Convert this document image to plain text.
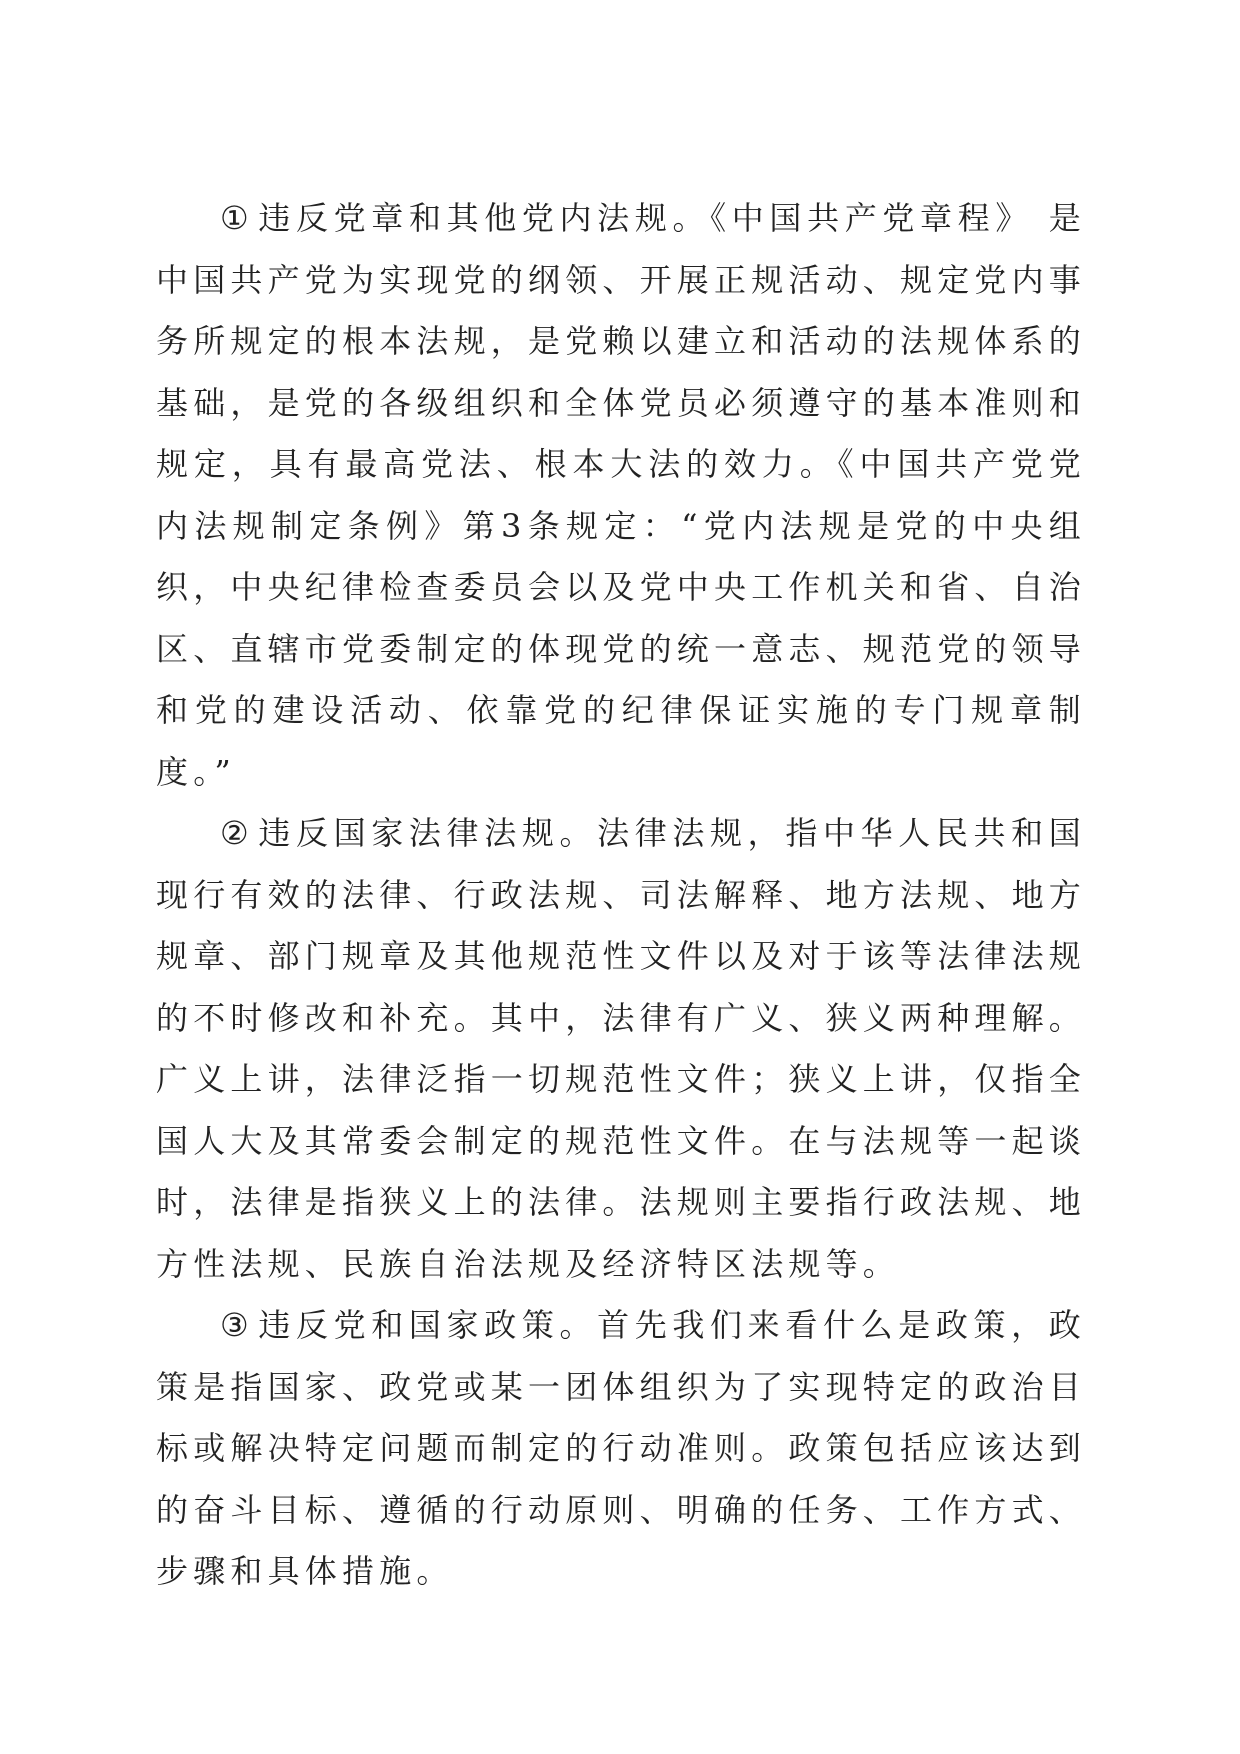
① 违反党章和其他党内法规。《中国共产党章程》 是中国共产党为实现党的纲领、开展正规活动、规定党内事务所规定的根本法规，是党赖以建立和活动的法规体系的基础，是党的各级组织和全体党员必须遵守的基本准则和规定，具有最高党法、根本大法的效力。《中国共产党党内法规制定条例》第3条规定：“党内法规是党的中央组织，中央纪律检查委员会以及党中央工作机关和省、自治区、直辖市党委制定的体现党的统一意志、规范党的领导和党的建设活动、依靠党的纪律保证实施的专门规章制度。”

② 违反国家法律法规。法律法规，指中华人民共和国现行有效的法律、行政法规、司法解释、地方法规、地方规章、部门规章及其他规范性文件以及对于该等法律法规的不时修改和补充。其中，法律有广义、狭义两种理解。广义上讲，法律泛指一切规范性文件；狭义上讲，仅指全国人大及其常委会制定的规范性文件。在与法规等一起谈时，法律是指狭义上的法律。法规则主要指行政法规、地方性法规、民族自治法规及经济特区法规等。

③ 违反党和国家政策。首先我们来看什么是政策，政策是指国家、政党或某一团体组织为了实现特定的政治目标或解决特定问题而制定的行动准则。政策包括应该达到的奋斗目标、遵循的行动原则、明确的任务、工作方式、步骤和具体措施。
